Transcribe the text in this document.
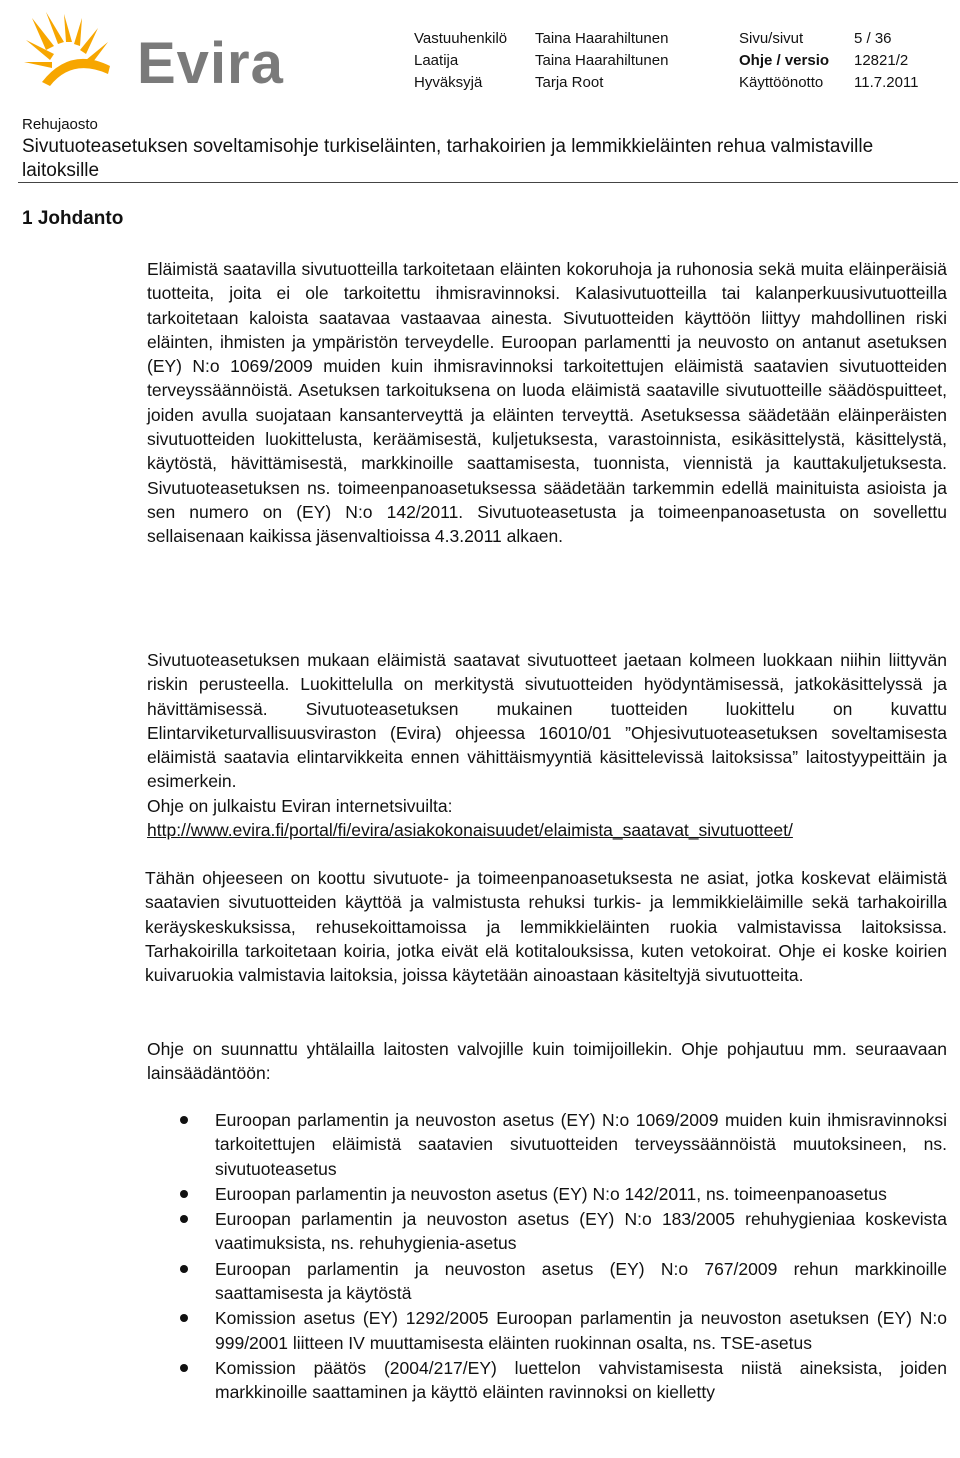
Evira	Vastuuhenkilö Taina Haarahiltunen	Sivu/sivut	5 / 36
Laatija	Taina Haarahiltunen	Ohje / versio 12821/2
Hyväksyjä	Tarja Root	Käyttöönotto 11.7.2011
Rehujaosto
Sivutuoteasetuksen soveltamisohje turkiseläinten, tarhakoirien ja lemmikkieläinten rehua valmistaville laitoksille
1 Johdanto
Eläimistä saatavilla sivutuotteilla tarkoitetaan eläinten kokoruhoja ja ruhonosia sekä muita eläinperäisiä tuotteita, joita ei ole tarkoitettu ihmisravinnoksi. Kalasivutuotteilla tai kalanperkuusivutuotteilla tarkoitetaan kaloista saatavaa vastaavaa ainesta. Sivutuotteiden käyttöön liittyy mahdollinen riski eläinten, ihmisten ja ympäristön terveydelle. Euroopan parlamentti ja neuvosto on antanut asetuksen (EY) N:o 1069/2009 muiden kuin ihmisravinnoksi tarkoitettujen eläimistä saatavien sivutuotteiden terveyssäännöistä. Asetuksen tarkoituksena on luoda eläimistä saataville sivutuotteille säädöspuitteet, joiden avulla suojataan kansanterveyttä ja eläinten terveyttä. Asetuksessa säädetään eläinperäisten sivutuotteiden luokittelusta, keräämisestä, kuljetuksesta, varastoinnista, esikäsittelystä, käsittelystä, käytöstä, hävittämisestä, markkinoille saattamisesta, tuonnista, viennistä ja kauttakuljetuksesta. Sivutuoteasetuksen ns. toimeenpanoasetuksessa säädetään tarkemmin edellä mainituista asioista ja sen numero on (EY) N:o 142/2011. Sivutuoteasetusta ja toimeenpanoasetusta on sovellettu sellaisenaan kaikissa jäsenvaltioissa 4.3.2011 alkaen.
Sivutuoteasetuksen mukaan eläimistä saatavat sivutuotteet jaetaan kolmeen luokkaan niihin liittyvän riskin perusteella. Luokittelulla on merkitystä sivutuotteiden hyödyntämisessä, jatkokäsittelyssä ja hävittämisessä. Sivutuoteasetuksen mukainen tuotteiden luokittelu on kuvattu Elintarviketurvallisuusviraston (Evira) ohjeessa 16010/01 ”Ohjesivutuoteasetuksen soveltamisesta eläimistä saatavia elintarvikkeita ennen vähittäismyyntiä käsittelevissä laitoksissa” laitostyypeittäin ja esimerkein.
Ohje on julkaistu Eviran internetsivuilta:
http://www.evira.fi/portal/fi/evira/asiakokonaisuudet/elaimista_saatavat_sivutuotteet/
Tähän ohjeeseen on koottu sivutuote- ja toimeenpanoasetuksesta ne asiat, jotka koskevat eläimistä saatavien sivutuotteiden käyttöä ja valmistusta rehuksi turkis- ja lemmikkieläimille sekä tarhakoirilla keräyskeskuksissa, rehusekoittamoissa ja lemmikkieläinten ruokia valmistavissa laitoksissa. Tarhakoirilla tarkoitetaan koiria, jotka eivät elä kotitalouksissa, kuten vetokoirat. Ohje ei koske koirien kuivaruokia valmistavia laitoksia, joissa käytetään ainoastaan käsiteltyjä sivutuotteita.
Ohje on suunnattu yhtälailla laitosten valvojille kuin toimijoillekin. Ohje pohjautuu mm. seuraavaan lainsäädäntöön:
Euroopan parlamentin ja neuvoston asetus (EY) N:o 1069/2009 muiden kuin ihmisravinnoksi tarkoitettujen eläimistä saatavien sivutuotteiden terveyssäännöistä muutoksineen, ns. sivutuoteasetus
Euroopan parlamentin ja neuvoston asetus (EY) N:o 142/2011, ns. toimeenpanoasetus
Euroopan parlamentin ja neuvoston asetus (EY) N:o 183/2005 rehuhygieniaa koskevista vaatimuksista, ns. rehuhygienia-asetus
Euroopan parlamentin ja neuvoston asetus (EY) N:o 767/2009 rehun markkinoille saattamisesta ja käytöstä
Komission asetus (EY) 1292/2005 Euroopan parlamentin ja neuvoston asetuksen (EY) N:o 999/2001 liitteen IV muuttamisesta eläinten ruokinnan osalta, ns. TSE-asetus
Komission päätös (2004/217/EY) luettelon vahvistamisesta niistä aineksista, joiden markkinoille saattaminen ja käyttö eläinten ravinnoksi on kielletty
